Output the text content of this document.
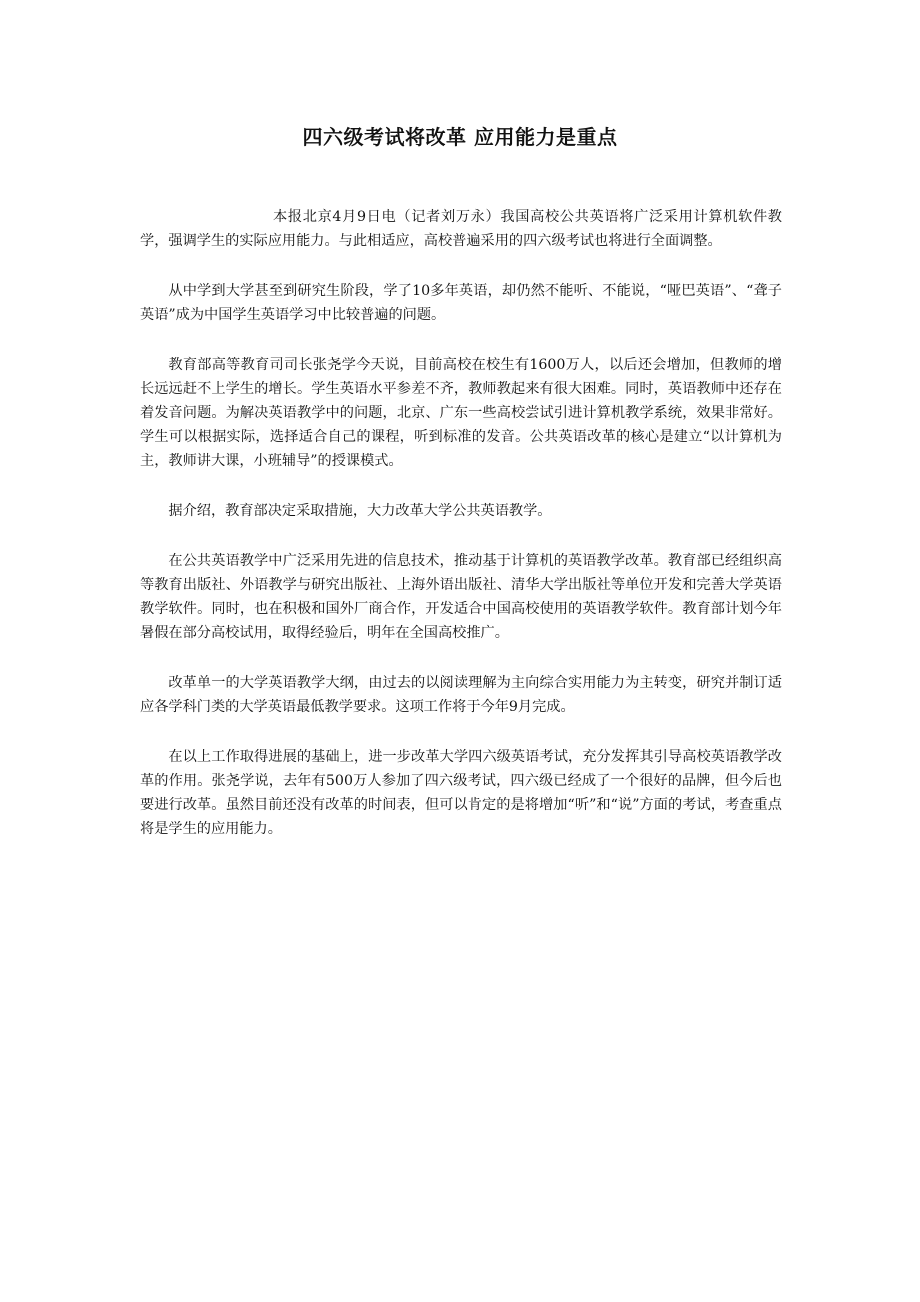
四六级考试将改革 应用能力是重点

本报北京4月9日电（记者刘万永）我国高校公共英语将广泛采用计算机软件教学，强调学生的实际应用能力。与此相适应，高校普遍采用的四六级考试也将进行全面调整。

从中学到大学甚至到研究生阶段，学了10多年英语，却仍然不能听、不能说，“哑巴英语”、“聋子英语”成为中国学生英语学习中比较普遍的问题。

教育部高等教育司司长张尧学今天说，目前高校在校生有1600万人，以后还会增加，但教师的增长远远赶不上学生的增长。学生英语水平参差不齐，教师教起来有很大困难。同时，英语教师中还存在着发音问题。为解决英语教学中的问题，北京、广东一些高校尝试引进计算机教学系统，效果非常好。学生可以根据实际，选择适合自己的课程，听到标准的发音。公共英语改革的核心是建立“以计算机为主，教师讲大课，小班辅导”的授课模式。

据介绍，教育部决定采取措施，大力改革大学公共英语教学。

在公共英语教学中广泛采用先进的信息技术，推动基于计算机的英语教学改革。教育部已经组织高等教育出版社、外语教学与研究出版社、上海外语出版社、清华大学出版社等单位开发和完善大学英语教学软件。同时，也在积极和国外厂商合作，开发适合中国高校使用的英语教学软件。教育部计划今年暑假在部分高校试用，取得经验后，明年在全国高校推广。

改革单一的大学英语教学大纲，由过去的以阅读理解为主向综合实用能力为主转变，研究并制订适应各学科门类的大学英语最低教学要求。这项工作将于今年9月完成。

在以上工作取得进展的基础上，进一步改革大学四六级英语考试，充分发挥其引导高校英语教学改革的作用。张尧学说，去年有500万人参加了四六级考试，四六级已经成了一个很好的品牌，但今后也要进行改革。虽然目前还没有改革的时间表，但可以肯定的是将增加“听”和“说”方面的考试，考查重点将是学生的应用能力。
